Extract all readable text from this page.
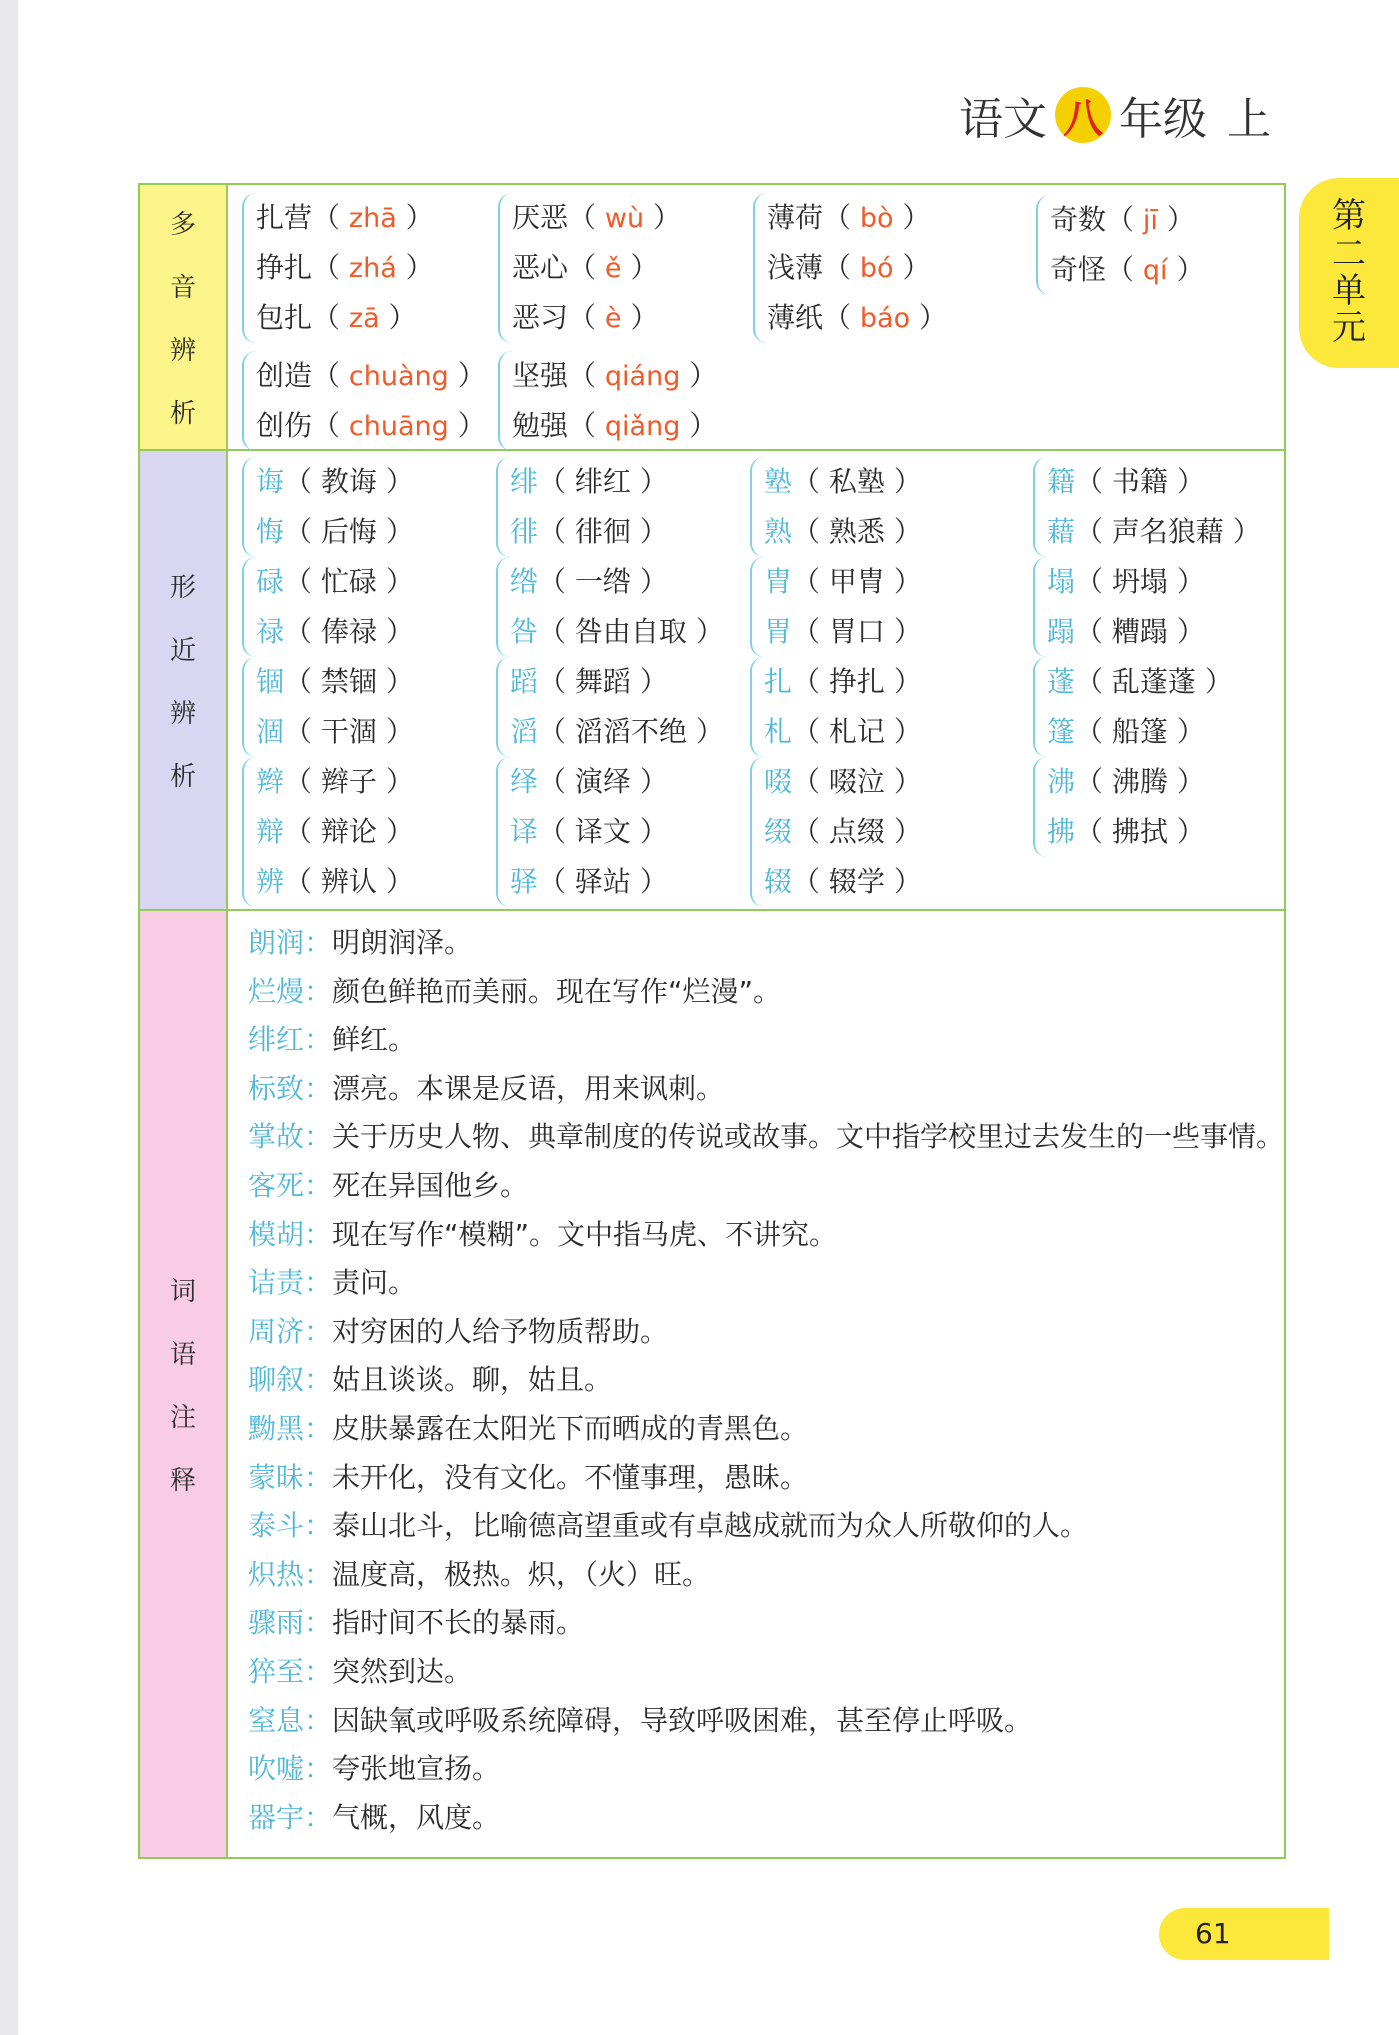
语文 八 年级 上
第
二
单
元
多
音
辨
析
扎营（ zhā ）
挣扎（ zhá ）
包扎（ zā ）
厌恶（ wù ）
恶心（ ě ）
恶习（ è ）
薄荷（ bò ）
浅薄（ bó ）
薄纸（ báo ）
奇数（ jī ）
奇怪（ qí ）
创造（ chuàng ）
创伤（ chuāng ）
坚强（ qiáng ）
勉强（ qiǎng ）
形
近
辨
析
诲（ 教诲 ）
悔（ 后悔 ）
绯（ 绯红 ）
徘（ 徘徊 ）
塾（ 私塾 ）
熟（ 熟悉 ）
籍（ 书籍 ）
藉（ 声名狼藉 ）
碌（ 忙碌 ）
禄（ 俸禄 ）
绺（ 一绺 ）
咎（ 咎由自取 ）
胄（ 甲胄 ）
胃（ 胃口 ）
塌（ 坍塌 ）
蹋（ 糟蹋 ）
锢（ 禁锢 ）
涸（ 干涸 ）
蹈（ 舞蹈 ）
滔（ 滔滔不绝 ）
扎（ 挣扎 ）
札（ 札记 ）
蓬（ 乱蓬蓬 ）
篷（ 船篷 ）
辫（ 辫子 ）
辩（ 辩论 ）
辨（ 辨认 ）
绎（ 演绎 ）
译（ 译文 ）
驿（ 驿站 ）
啜（ 啜泣 ）
缀（ 点缀 ）
辍（ 辍学 ）
沸（ 沸腾 ）
拂（ 拂拭 ）
词
语
注
释
朗润：明朗润泽。
烂熳：颜色鲜艳而美丽。现在写作“烂漫”。
绯红：鲜红。
标致：漂亮。本课是反语，用来讽刺。
掌故：关于历史人物、典章制度的传说或故事。文中指学校里过去发生的一些事情。
客死：死在异国他乡。
模胡：现在写作“模糊”。文中指马虎、不讲究。
诘责：责问。
周济：对穷困的人给予物质帮助。
聊叙：姑且谈谈。聊，姑且。
黝黑：皮肤暴露在太阳光下而晒成的青黑色。
蒙昧：未开化，没有文化。不懂事理，愚昧。
泰斗：泰山北斗，比喻德高望重或有卓越成就而为众人所敬仰的人。
炽热：温度高，极热。炽，（火）旺。
骤雨：指时间不长的暴雨。
猝至：突然到达。
窒息：因缺氧或呼吸系统障碍，导致呼吸困难，甚至停止呼吸。
吹嘘：夸张地宣扬。
器宇：气概，风度。
61
